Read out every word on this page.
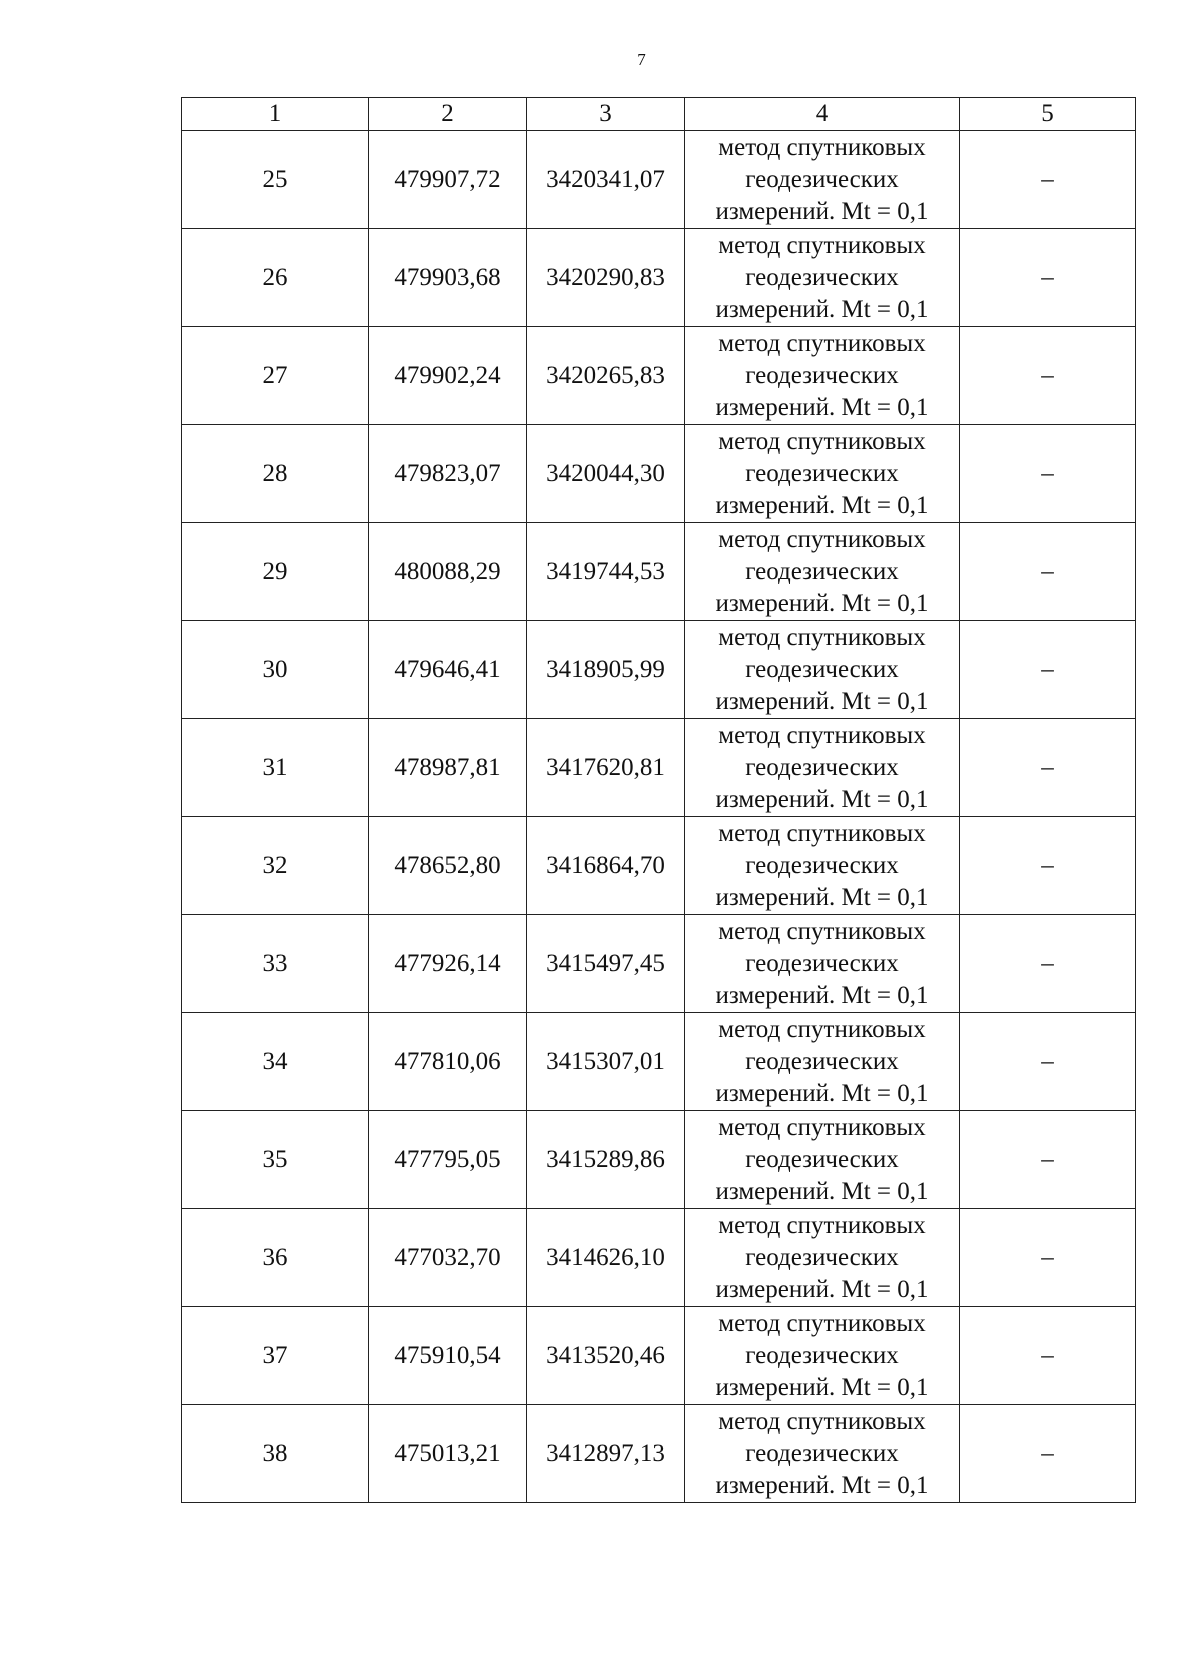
7
1	2	3	4	5
25	479907,72	3420341,07	метод спутниковых
геодезических
измерений. Mt = 0,1	–
26	479903,68	3420290,83	метод спутниковых
геодезических
измерений. Mt = 0,1	–
27	479902,24	3420265,83	метод спутниковых
геодезических
измерений. Mt = 0,1	–
28	479823,07	3420044,30	метод спутниковых
геодезических
измерений. Mt = 0,1	–
29	480088,29	3419744,53	метод спутниковых
геодезических
измерений. Mt = 0,1	–
30	479646,41	3418905,99	метод спутниковых
геодезических
измерений. Mt = 0,1	–
31	478987,81	3417620,81	метод спутниковых
геодезических
измерений. Mt = 0,1	–
32	478652,80	3416864,70	метод спутниковых
геодезических
измерений. Mt = 0,1	–
33	477926,14	3415497,45	метод спутниковых
геодезических
измерений. Mt = 0,1	–
34	477810,06	3415307,01	метод спутниковых
геодезических
измерений. Mt = 0,1	–
35	477795,05	3415289,86	метод спутниковых
геодезических
измерений. Mt = 0,1	–
36	477032,70	3414626,10	метод спутниковых
геодезических
измерений. Mt = 0,1	–
37	475910,54	3413520,46	метод спутниковых
геодезических
измерений. Mt = 0,1	–
38	475013,21	3412897,13	метод спутниковых
геодезических
измерений. Mt = 0,1	–
